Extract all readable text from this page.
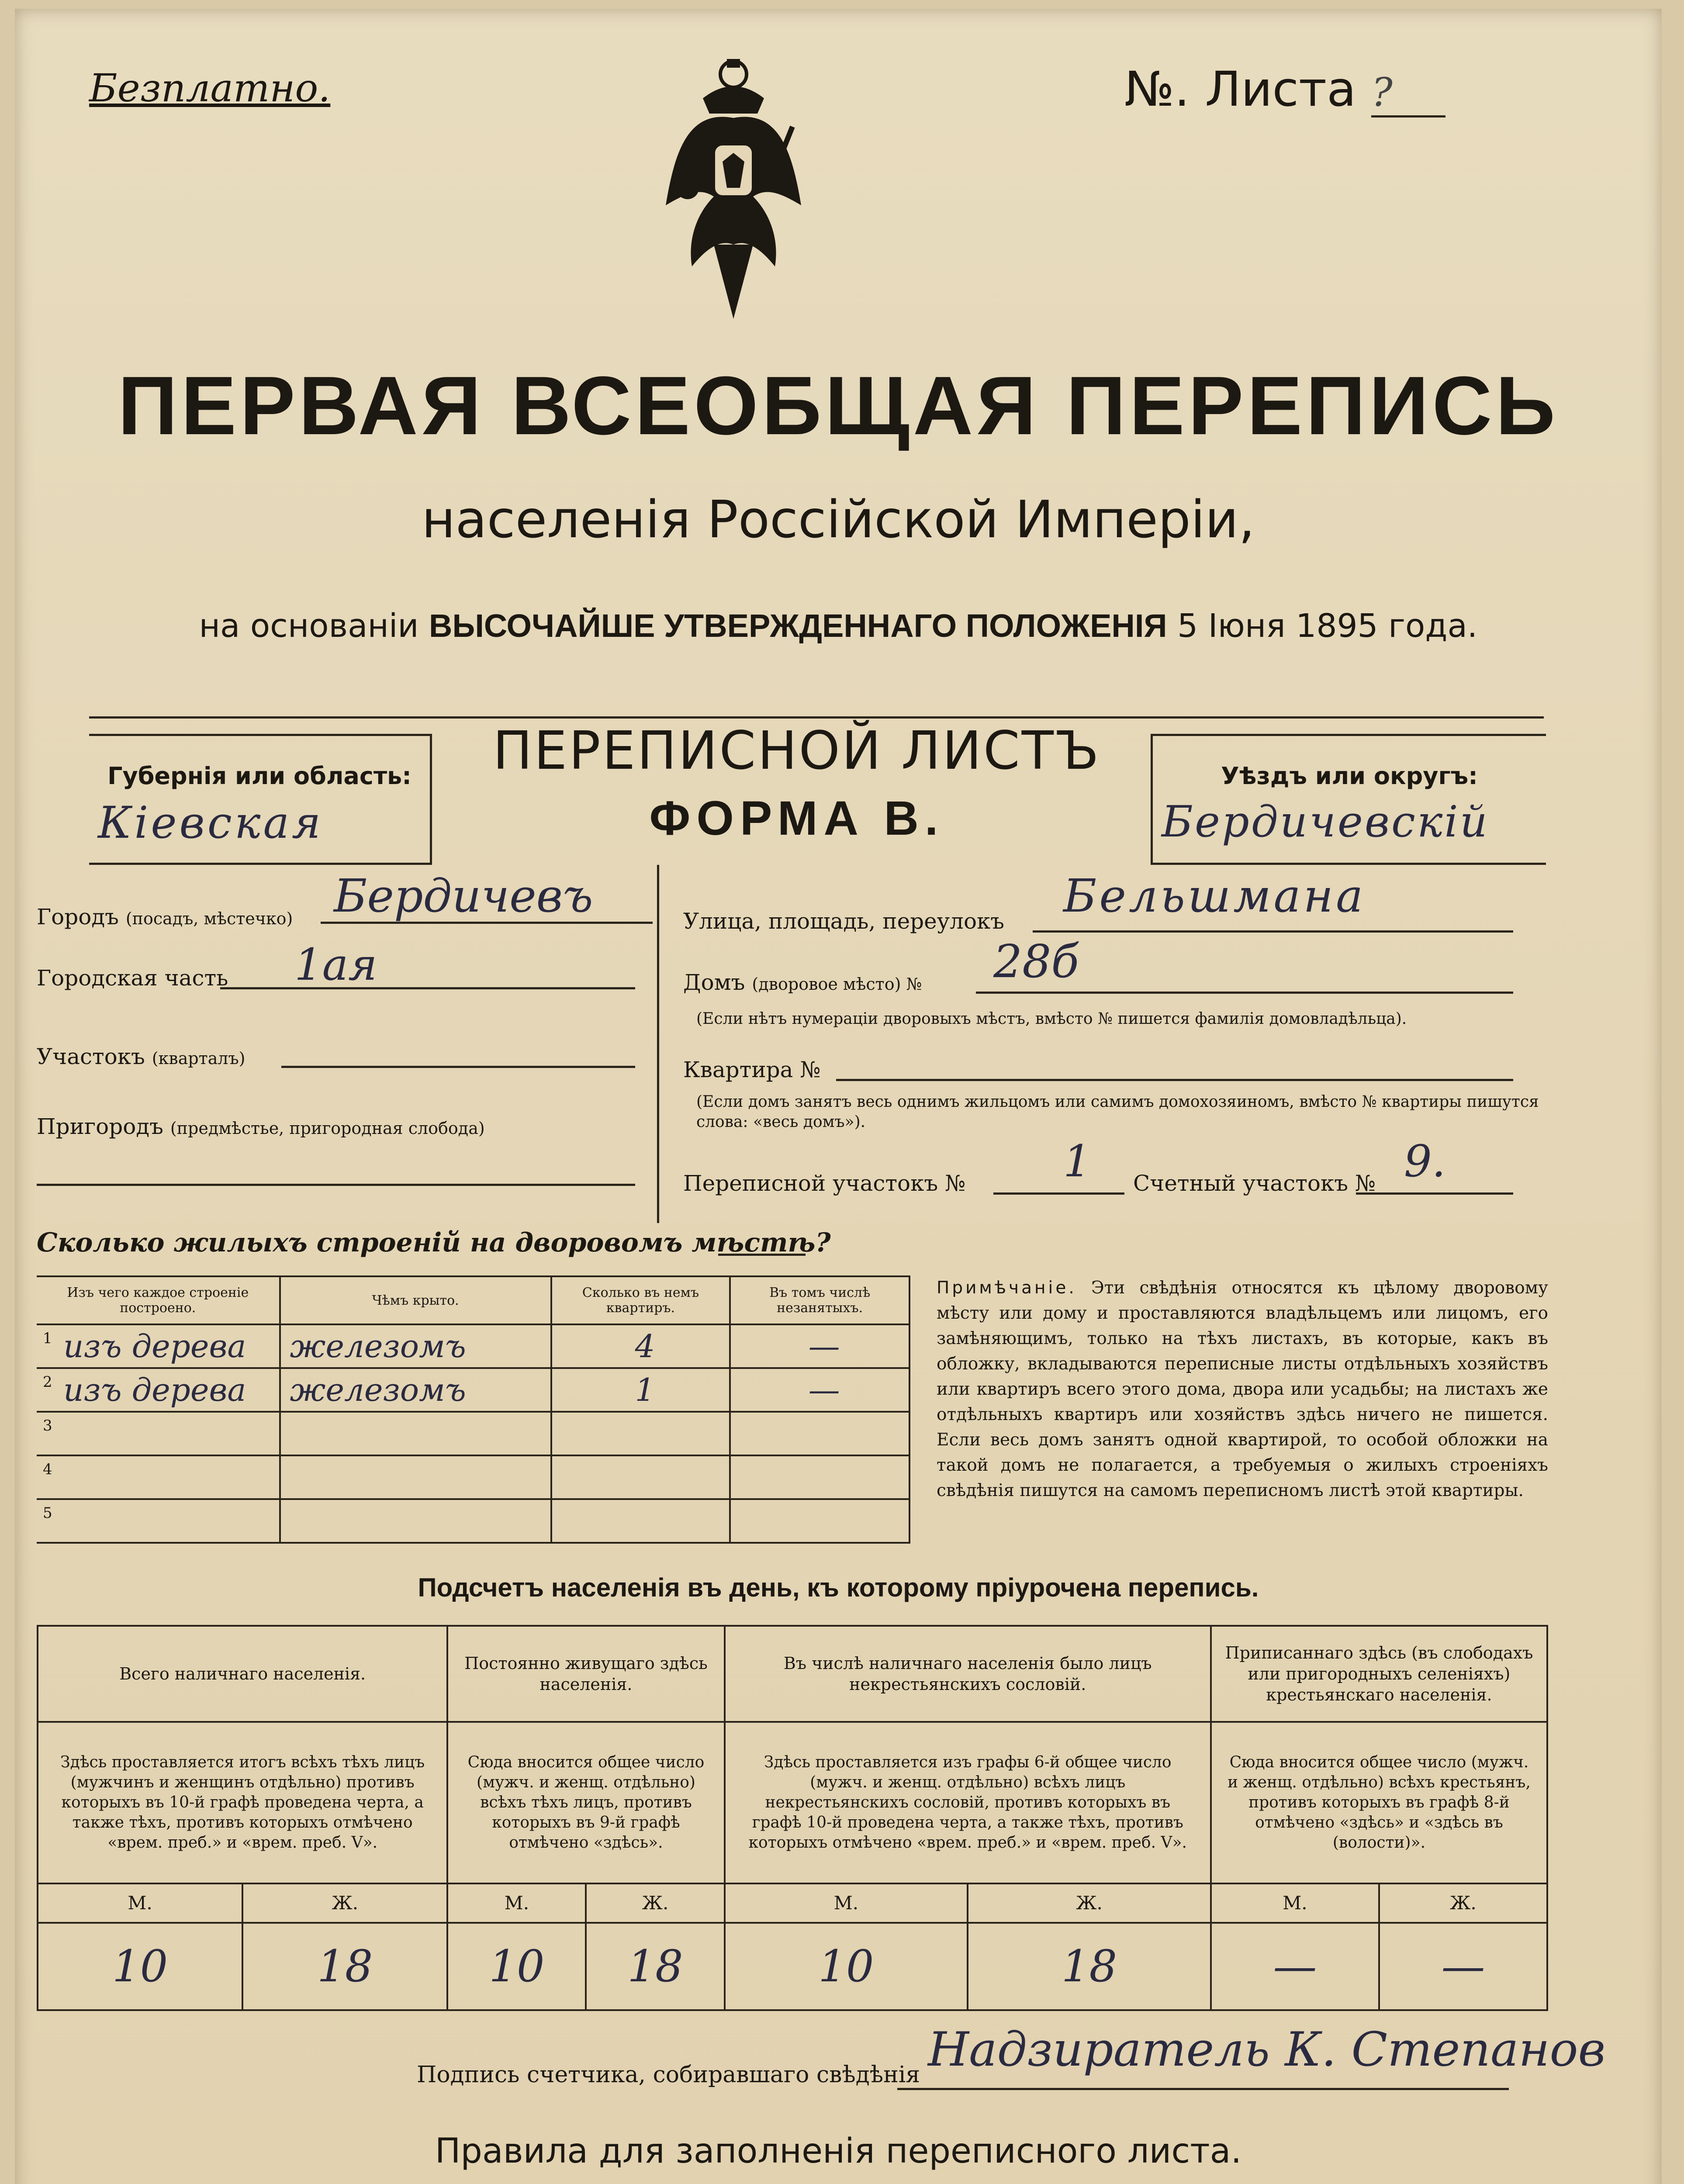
Безплатно.	№. Листа ?
ПЕРВАЯ ВСЕОБЩАЯ ПЕРЕПИСЬ
населенія Россійской Имперіи,
на основаніи ВЫСОЧАЙШЕ УТВЕРЖДЕННАГО ПОЛОЖЕНІЯ 5 Іюня 1895 года.
Губернія или область:
Кіевская
ПЕРЕПИСНОЙ ЛИСТЪ
ФОРМА В.
Уѣздъ или округъ:
Бердичевскій
Городъ (посадъ, мѣстечко) Бердичевъ
Городская часть 1ая
Участокъ (кварталъ)
Пригородъ (предмѣстье, пригородная слобода)
Улица, площадь, переулокъ Бельшмана
Домъ (дворовое мѣсто) № 28б
(Если нѣтъ нумераціи дворовыхъ мѣстъ, вмѣсто № пишется фамилія домовладѣльца).
Квартира №
(Если домъ занятъ весь однимъ жильцомъ или самимъ домохозяиномъ, вмѣсто № квартиры пишутся слова: «весь домъ»).
Переписной участокъ № 1 Счетный участокъ № 9.
Сколько жилыхъ строеній на дворовомъ мѣстѣ?
Изъ чего каждое строеніе построено.	Чѣмъ крыто.	Сколько въ немъ квартиръ.	Въ томъ числѣ незанятыхъ.

1 изъ дерева	железомъ	4	—

2 изъ дерева	железомъ	1	—

3			

4			

5			

Примѣчаніе. Эти свѣдѣнія относятся къ цѣлому дворовому мѣсту или дому и проставляются владѣльцемъ или лицомъ, его замѣняющимъ, только на тѣхъ листахъ, въ которые, какъ въ обложку, вкладываются переписные листы отдѣльныхъ хозяйствъ или квартиръ всего этого дома, двора или усадьбы; на листахъ же отдѣльныхъ квартиръ или хозяйствъ здѣсь ничего не пишется. Если весь домъ занятъ одной квартирой, то особой обложки на такой домъ не полагается, а требуемыя о жилыхъ строеніяхъ свѣдѣнія пишутся на самомъ переписномъ листѣ этой квартиры.
Подсчетъ населенія въ день, къ которому пріурочена перепись.
Всего наличнаго населенія.		Постоянно живущаго здѣсь населенія.		Въ числѣ наличнаго населенія было лицъ некрестьянскихъ сословій.		Приписаннаго здѣсь (въ слободахъ или пригородныхъ селеніяхъ) крестьянскаго населенія.	
Здѣсь проставляется итогъ всѣхъ тѣхъ лицъ (мужчинъ и женщинъ отдѣльно) противъ которыхъ въ 10-й графѣ проведена черта, а также тѣхъ, противъ которыхъ отмѣчено «врем. преб.» и «врем. преб. V».		Сюда вносится общее число (мужч. и женщ. отдѣльно) всѣхъ тѣхъ лицъ, противъ которыхъ въ 9-й графѣ отмѣчено «здѣсь».		Здѣсь проставляется изъ графы 6-й общее число (мужч. и женщ. отдѣльно) всѣхъ лицъ некрестьянскихъ сословій, противъ которыхъ въ графѣ 10-й проведена черта, а также тѣхъ, противъ которыхъ отмѣчено «врем. преб.» и «врем. преб. V».		Сюда вносится общее число (мужч. и женщ. отдѣльно) всѣхъ крестьянъ, противъ которыхъ въ графѣ 8-й отмѣчено «здѣсь» и «здѣсь въ (волости)».	
М.	Ж.	М.	Ж.	М.	Ж.	М.	Ж.
10	18	10	18	10	18	—	—
Подпись счетчика, собиравшаго свѣдѣнія Надзиратель К. Степанов
Правила для заполненія переписного листа.
